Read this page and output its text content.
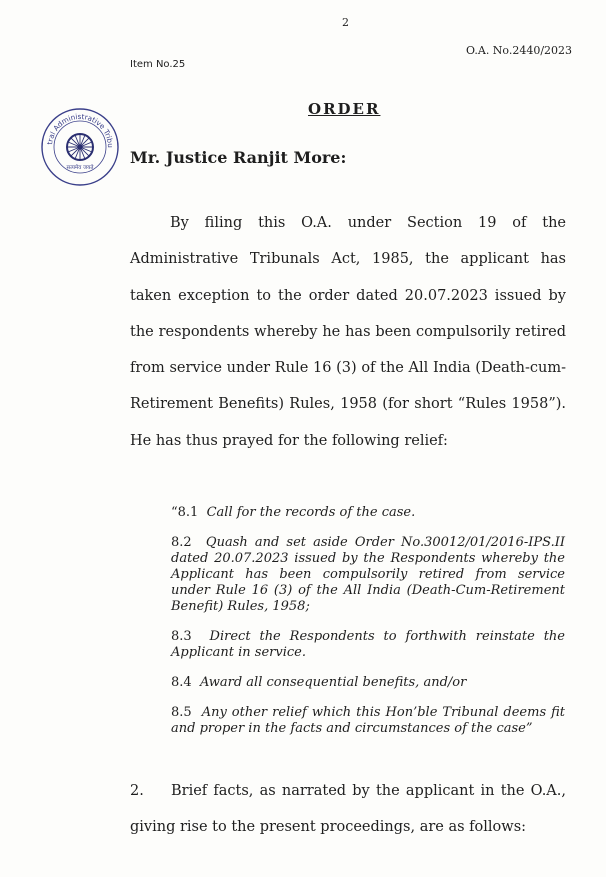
2
O.A. No.2440/2023
Item No.25
tral Administrative Tribu
सत्यमेव जयते
ORDER
Mr. Justice Ranjit More:

By filing this O.A. under Section 19 of the Administrative Tribunals Act, 1985, the applicant has taken exception to the order dated 20.07.2023 issued by the respondents whereby he has been compulsorily retired from service under Rule 16 (3) of the All India (Death-cum-Retirement Benefits) Rules, 1958 (for short “Rules 1958”). He has thus prayed for the following relief:

“8.1 Call for the records of the case.

8.2 Quash and set aside Order No.30012/01/2016-IPS.II dated 20.07.2023 issued by the Respondents whereby the Applicant has been compulsorily retired from service under Rule 16 (3) of the All India (Death-Cum-Retirement Benefit) Rules, 1958;

8.3 Direct the Respondents to forthwith reinstate the Applicant in service.

8.4 Award all consequential benefits, and/or

8.5 Any other relief which this Hon’ble Tribunal deems fit and proper in the facts and circumstances of the case”

2. Brief facts, as narrated by the applicant in the O.A., giving rise to the present proceedings, are as follows:
